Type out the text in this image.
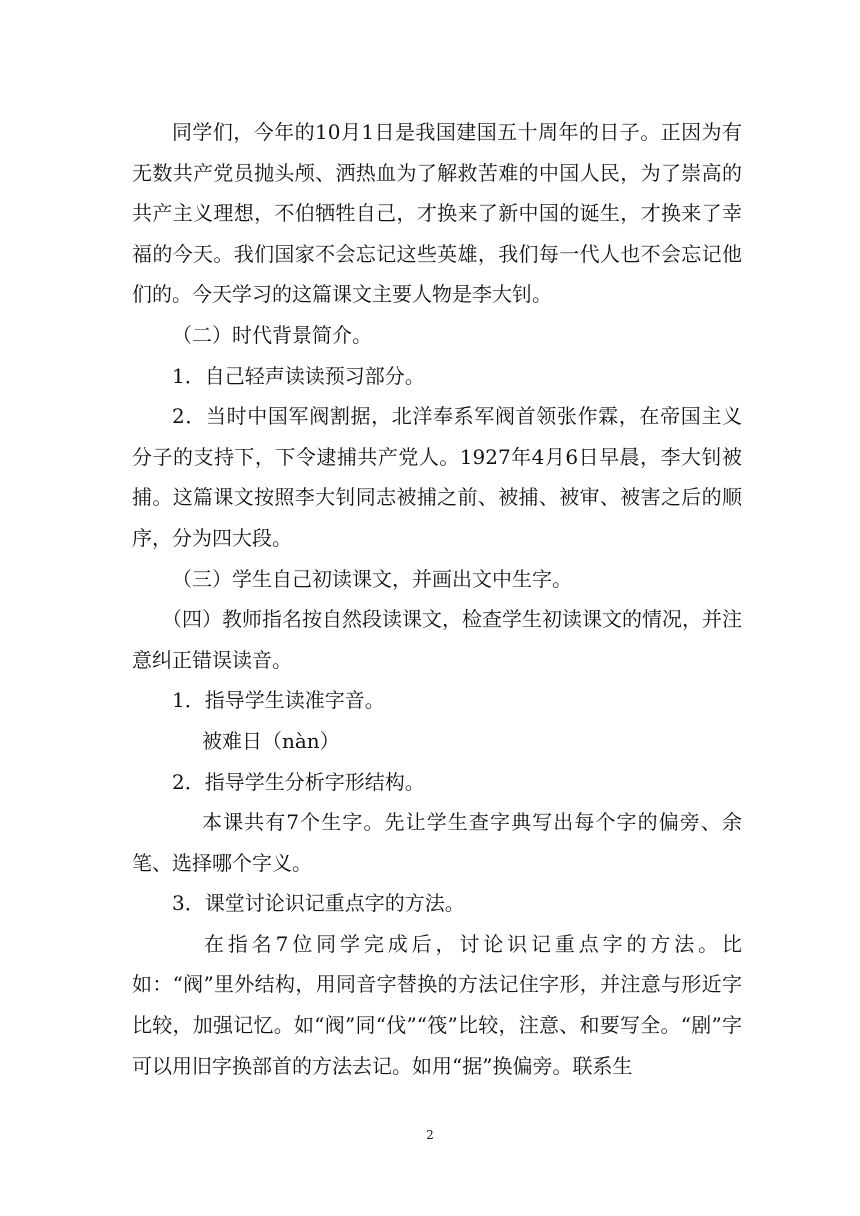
同学们，今年的10月1日是我国建国五十周年的日子。正因为有无数共产党员抛头颅、洒热血为了解救苦难的中国人民，为了崇高的共产主义理想，不伯牺牲自己，才换来了新中国的诞生，才换来了幸福的今天。我们国家不会忘记这些英雄，我们每一代人也不会忘记他们的。今天学习的这篇课文主要人物是李大钊。

（二）时代背景简介。

1．自己轻声读读预习部分。

2．当时中国军阀割据，北洋奉系军阀首领张作霖，在帝国主义分子的支持下，下令逮捕共产党人。1927年4月6日早晨，李大钊被捕。这篇课文按照李大钊同志被捕之前、被捕、被审、被害之后的顺序，分为四大段。

（三）学生自己初读课文，并画出文中生字。

（四）教师指名按自然段读课文，检查学生初读课文的情况，并注意纠正错误读音。

1．指导学生读准字音。

被难日（nàn）

2．指导学生分析字形结构。

本课共有7个生字。先让学生查字典写出每个字的偏旁、余笔、选择哪个字义。

3．课堂讨论识记重点字的方法。

在指名7位同学完成后，讨论识记重点字的方法。比如：“阀”里外结构，用同音字替换的方法记住字形，并注意与形近字比较，加强记忆。如“阀”同“伐”“筏”比较，注意、和要写全。“剧”字可以用旧字换部首的方法去记。如用“据”换偏旁。联系生

2
